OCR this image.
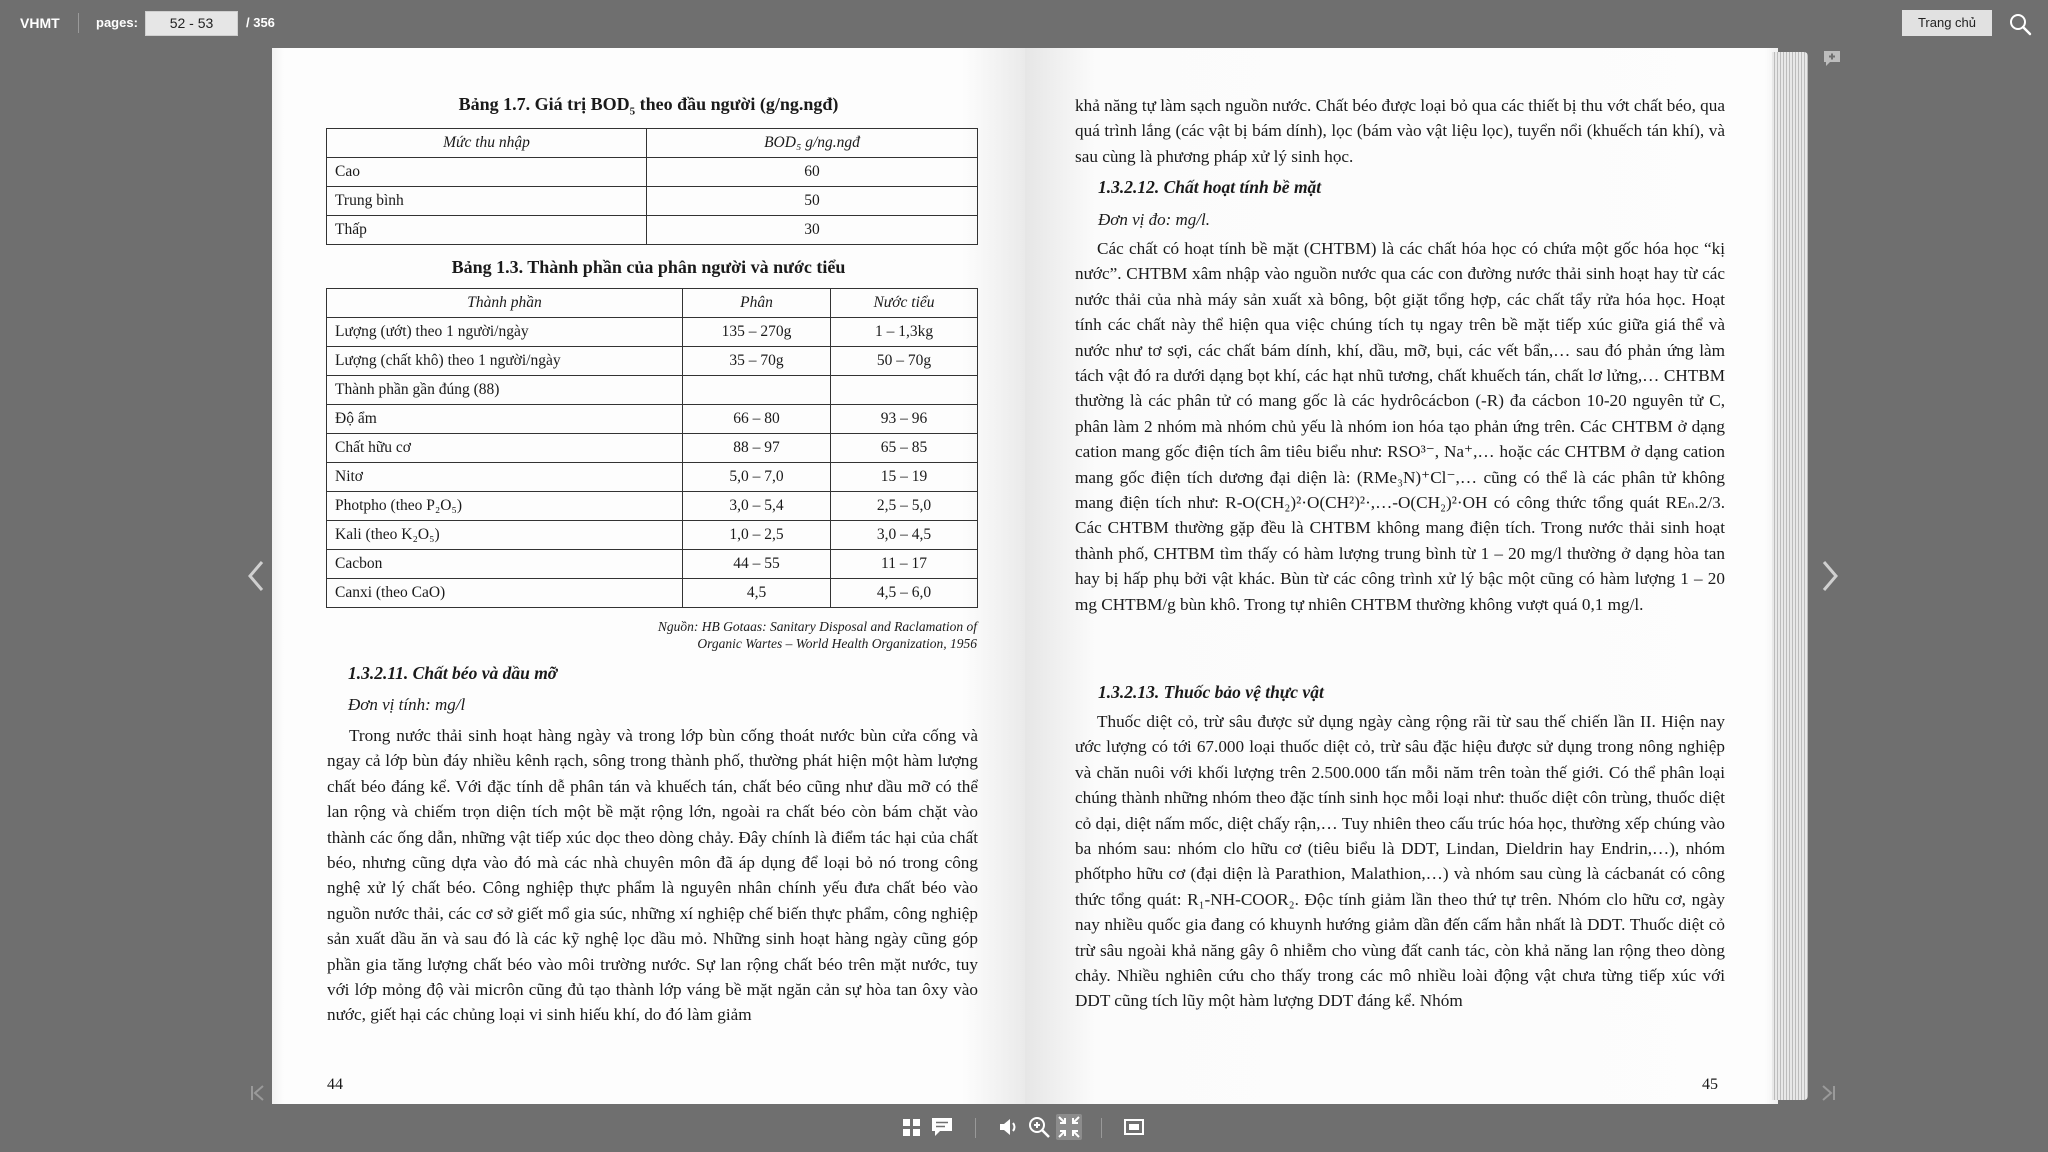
VHMT	pages:	52 - 53	/ 356	Trang chủ
Bảng 1.7. Giá trị $BOD_5$ theo đầu người (g/ng.ngđ)
Mức thu nhập	BOD₅ g/ng.ngđ
Cao	60
Trung bình	50
Thấp	30
Bảng 1.3. Thành phần của phân người và nước tiểu
Thành phần	Phân	Nước tiểu
Lượng (ướt) theo 1 người/ngày	135 – 270g	1 – 1,3kg
Lượng (chất khô) theo 1 người/ngày	35 – 70g	50 – 70g
Thành phần gần đúng (88)		
Độ ẩm	66 – 80	93 – 96
Chất hữu cơ	88 – 97	65 – 85
Nitơ	5,0 – 7,0	15 – 19
Photpho (theo P₂O₅)	3,0 – 5,4	2,5 – 5,0
Kali (theo K₂O₅)	1,0 – 2,5	3,0 – 4,5
Cacbon	44 – 55	11 – 17
Canxi (theo CaO)	4,5	4,5 – 6,0
Nguồn: HB Gotaas: Sanitary Disposal and Raclamation of
Organic Wartes – World Health Organization, 1956
1.3.2.11. Chất béo và dầu mỡ
Đơn vị tính: mg/l
Trong nước thải sinh hoạt hàng ngày và trong lớp bùn cống thoát nước bùn cửa cống và ngay cả lớp bùn đáy nhiều kênh rạch, sông trong thành phố, thường phát hiện một hàm lượng chất béo đáng kể. Với đặc tính dễ phân tán và khuếch tán, chất béo cũng như dầu mỡ có thể lan rộng và chiếm trọn diện tích một bề mặt rộng lớn, ngoài ra chất béo còn bám chặt vào thành các ống dẫn, những vật tiếp xúc dọc theo dòng chảy. Đây chính là điểm tác hại của chất béo, nhưng cũng dựa vào đó mà các nhà chuyên môn đã áp dụng để loại bỏ nó trong công nghệ xử lý chất béo. Công nghiệp thực phẩm là nguyên nhân chính yếu đưa chất béo vào nguồn nước thải, các cơ sở giết mổ gia súc, những xí nghiệp chế biến thực phẩm, công nghiệp sản xuất dầu ăn và sau đó là các kỹ nghệ lọc dầu mỏ. Những sinh hoạt hàng ngày cũng góp phần gia tăng lượng chất béo vào môi trường nước. Sự lan rộng chất béo trên mặt nước, tuy với lớp mỏng độ vài micrôn cũng đủ tạo thành lớp váng bề mặt ngăn cản sự hòa tan ôxy vào nước, giết hại các chủng loại vi sinh hiếu khí, do đó làm giảm
44
khả năng tự làm sạch nguồn nước. Chất béo được loại bỏ qua các thiết bị thu vớt chất béo, qua quá trình lắng (các vật bị bám dính), lọc (bám vào vật liệu lọc), tuyển nổi (khuếch tán khí), và sau cùng là phương pháp xử lý sinh học.
1.3.2.12. Chất hoạt tính bề mặt
Đơn vị đo: mg/l.
Các chất có hoạt tính bề mặt (CHTBM) là các chất hóa học có chứa một gốc hóa học “kị nước”. CHTBM xâm nhập vào nguồn nước qua các con đường nước thải sinh hoạt hay từ các nước thải của nhà máy sản xuất xà bông, bột giặt tổng hợp, các chất tẩy rửa hóa học. Hoạt tính các chất này thể hiện qua việc chúng tích tụ ngay trên bề mặt tiếp xúc giữa giá thể và nước như tơ sợi, các chất bám dính, khí, dầu, mỡ, bụi, các vết bẩn,… sau đó phản ứng làm tách vật đó ra dưới dạng bọt khí, các hạt nhũ tương, chất khuếch tán, chất lơ lửng,… CHTBM thường là các phân tử có mang gốc là các hydrôcácbon (-R) đa cácbon 10-20 nguyên tử C, phân làm 2 nhóm mà nhóm chủ yếu là nhóm ion hóa tạo phản ứng trên. Các CHTBM ở dạng cation mang gốc điện tích âm tiêu biểu như: RSO³⁻, Na⁺,… hoặc các CHTBM ở dạng cation mang gốc điện tích dương đại diện là: (RMe₃N)⁺Cl⁻,… cũng có thể là các phân tử không mang điện tích như: R-O(CH₂)²·O(CH²)²·,…-O(CH₂)²·OH có công thức tổng quát REₙ.2/3. Các CHTBM thường gặp đều là CHTBM không mang điện tích. Trong nước thải sinh hoạt thành phố, CHTBM tìm thấy có hàm lượng trung bình từ 1 – 20 mg/l thường ở dạng hòa tan hay bị hấp phụ bởi vật khác. Bùn từ các công trình xử lý bậc một cũng có hàm lượng 1 – 20 mg CHTBM/g bùn khô. Trong tự nhiên CHTBM thường không vượt quá 0,1 mg/l.
1.3.2.13. Thuốc bảo vệ thực vật
Thuốc diệt cỏ, trừ sâu được sử dụng ngày càng rộng rãi từ sau thế chiến lần II. Hiện nay ước lượng có tới 67.000 loại thuốc diệt cỏ, trừ sâu đặc hiệu được sử dụng trong nông nghiệp và chăn nuôi với khối lượng trên 2.500.000 tấn mỗi năm trên toàn thế giới. Có thể phân loại chúng thành những nhóm theo đặc tính sinh học mỗi loại như: thuốc diệt côn trùng, thuốc diệt cỏ dại, diệt nấm mốc, diệt chấy rận,… Tuy nhiên theo cấu trúc hóa học, thường xếp chúng vào ba nhóm sau: nhóm clo hữu cơ (tiêu biểu là DDT, Lindan, Dieldrin hay Endrin,…), nhóm phốtpho hữu cơ (đại diện là Parathion, Malathion,…) và nhóm sau cùng là cácbanát có công thức tổng quát: R₁-NH-COOR₂. Độc tính giảm lần theo thứ tự trên. Nhóm clo hữu cơ, ngày nay nhiều quốc gia đang có khuynh hướng giảm dần đến cấm hẳn nhất là DDT. Thuốc diệt cỏ trừ sâu ngoài khả năng gây ô nhiễm cho vùng đất canh tác, còn khả năng lan rộng theo dòng chảy. Nhiều nghiên cứu cho thấy trong các mô nhiều loài động vật chưa từng tiếp xúc với DDT cũng tích lũy một hàm lượng DDT đáng kể. Nhóm
45
